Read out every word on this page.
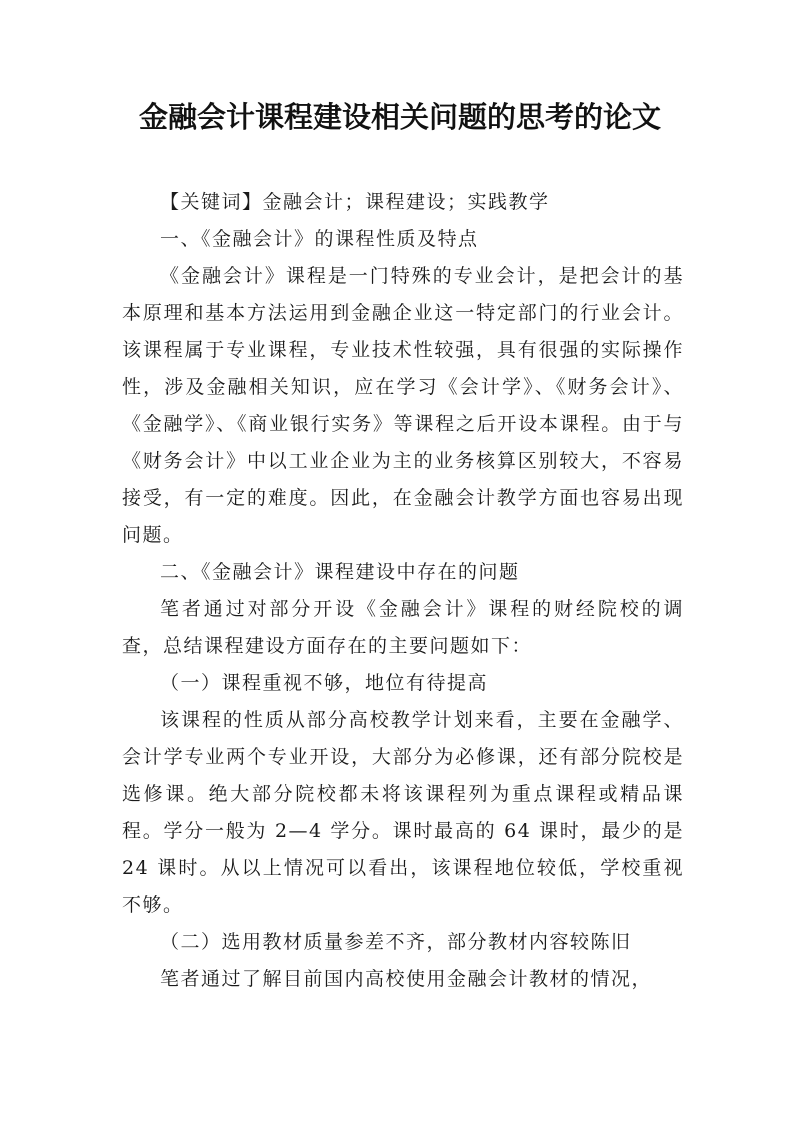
金融会计课程建设相关问题的思考的论文

【关键词】金融会计；课程建设；实践教学

一、《金融会计》的课程性质及特点

《金融会计》课程是一门特殊的专业会计，是把会计的基本原理和基本方法运用到金融企业这一特定部门的行业会计。该课程属于专业课程，专业技术性较强，具有很强的实际操作性，涉及金融相关知识，应在学习《会计学》、《财务会计》、《金融学》、《商业银行实务》等课程之后开设本课程。由于与《财务会计》中以工业企业为主的业务核算区别较大，不容易接受，有一定的难度。因此，在金融会计教学方面也容易出现问题。

二、《金融会计》课程建设中存在的问题

笔者通过对部分开设《金融会计》课程的财经院校的调查，总结课程建设方面存在的主要问题如下：

（一）课程重视不够，地位有待提高

该课程的性质从部分高校教学计划来看，主要在金融学、会计学专业两个专业开设，大部分为必修课，还有部分院校是选修课。绝大部分院校都未将该课程列为重点课程或精品课程。学分一般为 2—4 学分。课时最高的 64 课时，最少的是 24 课时。从以上情况可以看出，该课程地位较低，学校重视不够。

（二）选用教材质量参差不齐，部分教材内容较陈旧

笔者通过了解目前国内高校使用金融会计教材的情况，
